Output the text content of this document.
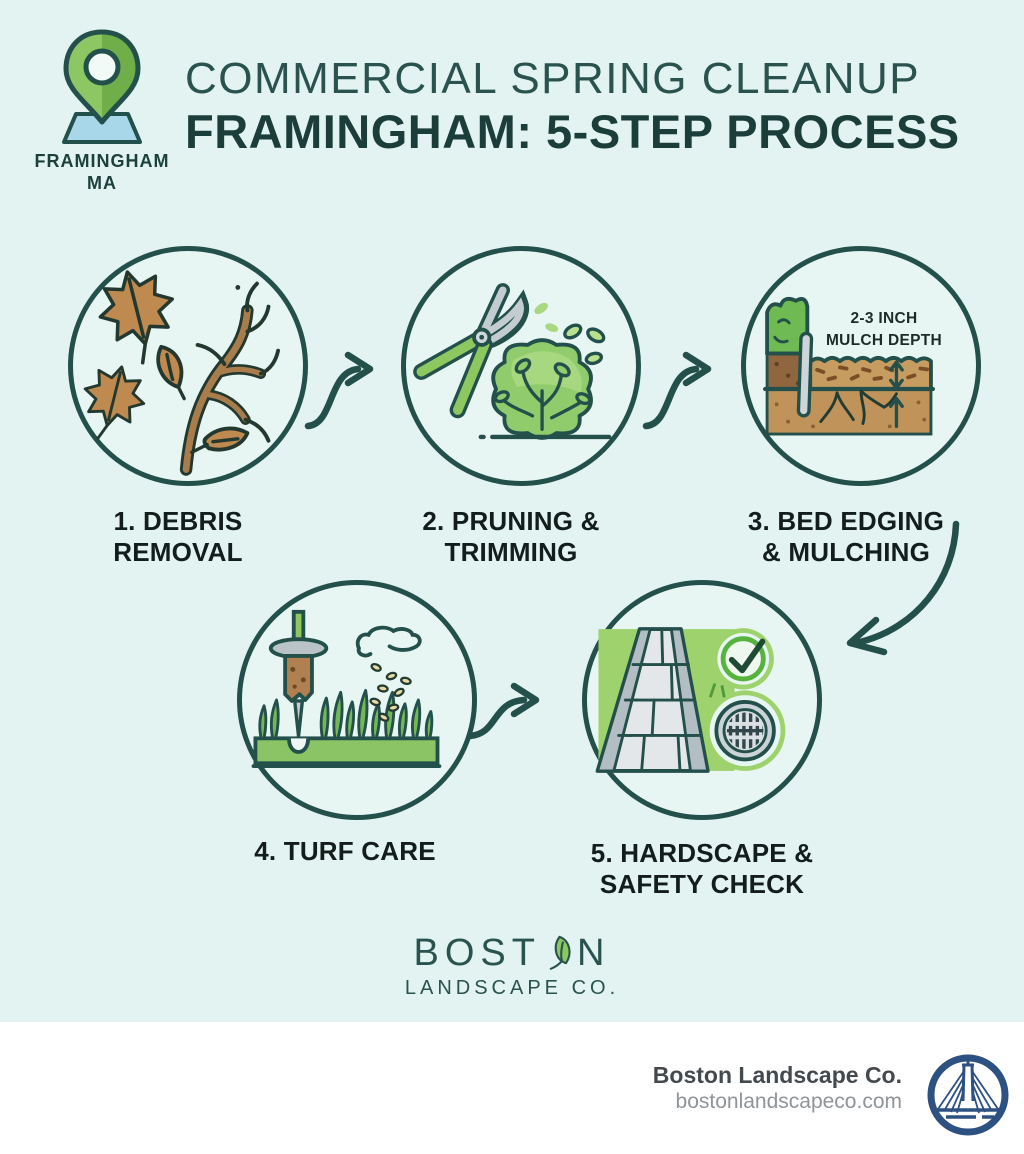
FRAMINGHAM
MA
COMMERCIAL SPRING CLEANUP
FRAMINGHAM: 5-STEP PROCESS
2-3 INCH
MULCH DEPTH
1. DEBRIS
REMOVAL
2. PRUNING &
TRIMMING
3. BED EDGING
& MULCHING
4. TURF CARE	5. HARDSCAPE &
SAFETY CHECK
BOST N
LANDSCAPE CO.
Boston Landscape Co.
bostonlandscapeco.com
